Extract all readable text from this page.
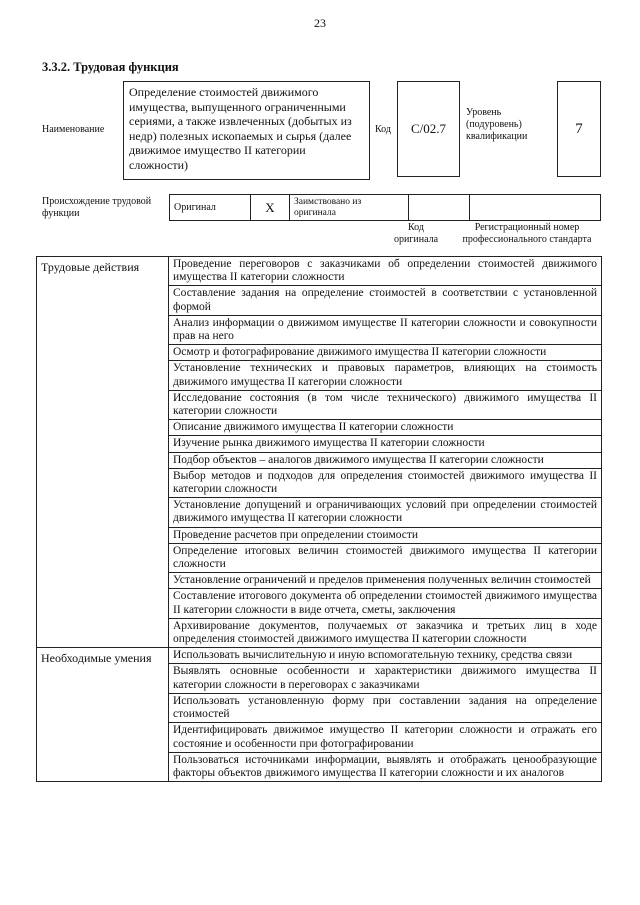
23
3.3.2. Трудовая функция
Наименование
Определение стоимостей движимого имущества, выпущенного ограниченными сериями, а также извлеченных (добытых из недр) полезных ископаемых и сырья (далее движимое имущество II категории сложности)
Код	C/02.7
Уровень (подуровень) квалификации	7
Происхождение трудовой функции
Оригинал	X	Заимствовано из оригинала		
Код оригинала
Регистрационный номер профессионального стандарта
Трудовые действия	Проведение переговоров с заказчиками об определении стоимостей движимого имущества II категории сложности
	Составление задания на определение стоимостей в соответствии с установленной формой
	Анализ информации о движимом имуществе II категории сложности и совокупности прав на него
	Осмотр и фотографирование движимого имущества II категории сложности
	Установление технических и правовых параметров, влияющих на стоимость движимого имущества II категории сложности
	Исследование состояния (в том числе технического) движимого имущества II категории сложности
	Описание движимого имущества II категории сложности
	Изучение рынка движимого имущества II категории сложности
	Подбор объектов – аналогов движимого имущества II категории сложности
	Выбор методов и подходов для определения стоимостей движимого имущества II категории сложности
	Установление допущений и ограничивающих условий при определении стоимостей движимого имущества II категории сложности
	Проведение расчетов при определении стоимости
	Определение итоговых величин стоимостей движимого имущества II категории сложности
	Установление ограничений и пределов применения полученных величин стоимостей
	Составление итогового документа об определении стоимостей движимого имущества II категории сложности в виде отчета, сметы, заключения
	Архивирование документов, получаемых от заказчика и третьих лиц в ходе определения стоимостей движимого имущества II категории сложности
Необходимые умения	Использовать вычислительную и иную вспомогательную технику, средства связи
	Выявлять основные особенности и характеристики движимого имущества II категории сложности в переговорах с заказчиками
	Использовать установленную форму при составлении задания на определение стоимостей
	Идентифицировать движимое имущество II категории сложности и отражать его состояние и особенности при фотографировании
	Пользоваться источниками информации, выявлять и отображать ценообразующие факторы объектов движимого имущества II категории сложности и их аналогов
